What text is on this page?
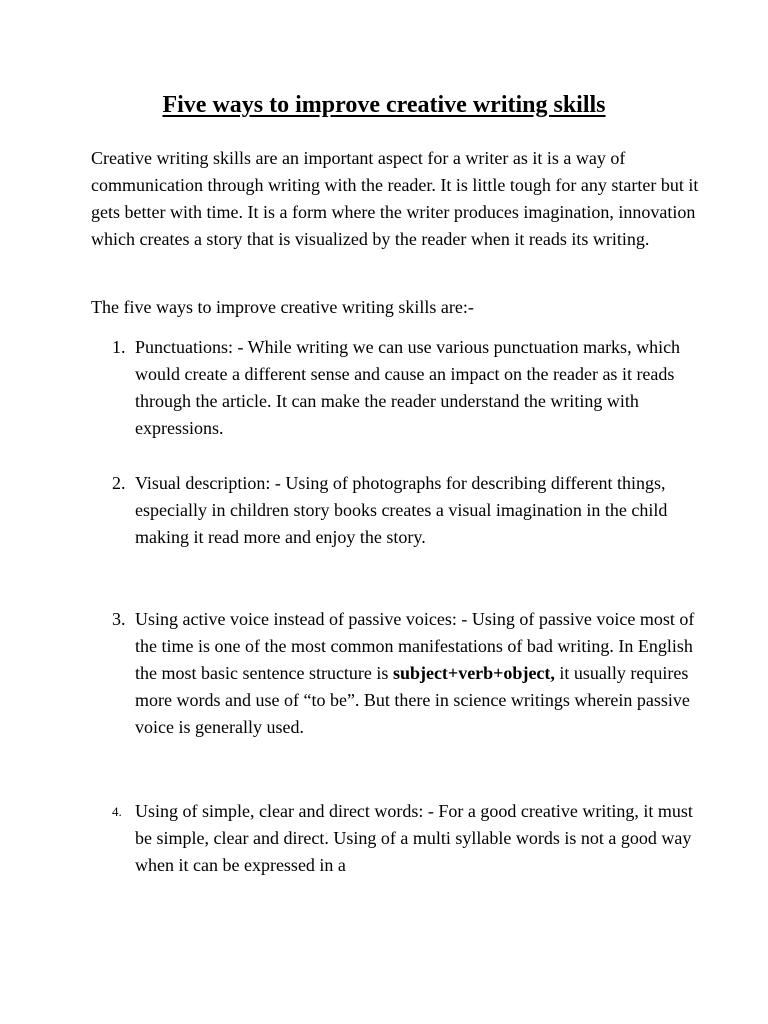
Five ways to improve creative writing skills

Creative writing skills are an important aspect for a writer as it is a way of communication through writing with the reader. It is little tough for any starter but it gets better with time. It is a form where the writer produces imagination, innovation which creates a story that is visualized by the reader when it reads its writing.

The five ways to improve creative writing skills are:-

1. Punctuations: - While writing we can use various punctuation marks, which would create a different sense and cause an impact on the reader as it reads through the article. It can make the reader understand the writing with expressions.

2. Visual description: - Using of photographs for describing different things, especially in children story books creates a visual imagination in the child making it read more and enjoy the story.

3. Using active voice instead of passive voices: - Using of passive voice most of the time is one of the most common manifestations of bad writing. In English the most basic sentence structure is subject+verb+object, it usually requires more words and use of “to be”. But there in science writings wherein passive voice is generally used.

4. Using of simple, clear and direct words: - For a good creative writing, it must be simple, clear and direct. Using of a multi syllable words is not a good way when it can be expressed in a
